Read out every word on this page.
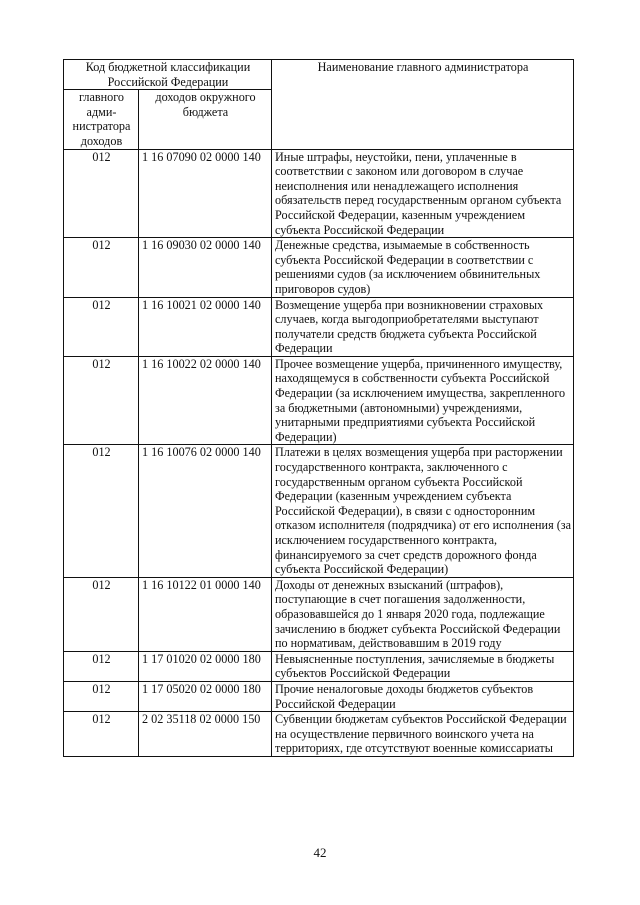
Код бюджетной классификации Российской Федерации		Наименование главного администратора
главного адми-нистратора доходов	доходов окружного бюджета	
012	1 16 07090 02 0000 140	Иные штрафы, неустойки, пени, уплаченные в соответствии с законом или договором в случае неисполнения или ненадлежащего исполнения обязательств перед государственным органом субъекта Российской Федерации, казенным учреждением субъекта Российской Федерации
012	1 16 09030 02 0000 140	Денежные средства, изымаемые в собственность субъекта Российской Федерации в соответствии с решениями судов (за исключением обвинительных приговоров судов)
012	1 16 10021 02 0000 140	Возмещение ущерба при возникновении страховых случаев, когда выгодоприобретателями выступают получатели средств бюджета субъекта Российской Федерации
012	1 16 10022 02 0000 140	Прочее возмещение ущерба, причиненного имуществу, находящемуся в собственности субъекта Российской Федерации (за исключением имущества, закрепленного за бюджетными (автономными) учреждениями, унитарными предприятиями субъекта Российской Федерации)
012	1 16 10076 02 0000 140	Платежи в целях возмещения ущерба при расторжении государственного контракта, заключенного с государственным органом субъекта Российской Федерации (казенным учреждением субъекта Российской Федерации), в связи с односторонним отказом исполнителя (подрядчика) от его исполнения (за исключением государственного контракта, финансируемого за счет средств дорожного фонда субъекта Российской Федерации)
012	1 16 10122 01 0000 140	Доходы от денежных взысканий (штрафов), поступающие в счет погашения задолженности, образовавшейся до 1 января 2020 года, подлежащие зачислению в бюджет субъекта Российской Федерации по нормативам, действовавшим в 2019 году
012	1 17 01020 02 0000 180	Невыясненные поступления, зачисляемые в бюджеты субъектов Российской Федерации
012	1 17 05020 02 0000 180	Прочие неналоговые доходы бюджетов субъектов Российской Федерации
012	2 02 35118 02 0000 150	Субвенции бюджетам субъектов Российской Федерации на осуществление первичного воинского учета на территориях, где отсутствуют военные комиссариаты
42
